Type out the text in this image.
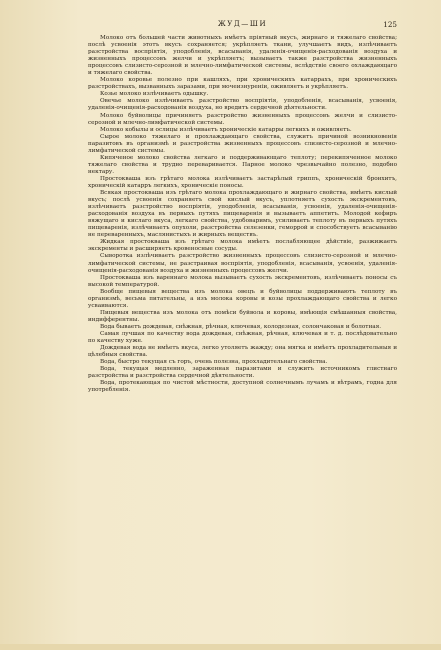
ЖУД—ШИ	125

Молоко отъ большей части животныхъ имѣетъ пріятный вкусъ, жирнаго и тяжелаго свойства; послѣ усвоенія этотъ вкусъ сохраняется; укрѣпляетъ ткани, улучшаетъ видъ, излѣчиваетъ разстройства воспріятія, уподобленія, всасыванія, удаленія-очищенія-расходованія воздуха и жизненныхъ процессовъ желчи и укрѣпляетъ; вызываетъ также разстройства жизненныхъ процессовъ слизисто-серозной и млечно-лимфатической системы, вслѣдствіе своего охлаждающаго и тяжелаго свойства.

Молоко коровье полезно при кашляхъ, при хроническихъ катаррахъ, при хроническихъ разстройствахъ, вызванныхъ заразами, при мочеизнуреніи, оживляетъ и укрѣпляетъ.

Козье молоко излѣчиваетъ одышку.

Овечье молоко излѣчиваетъ разстройство воспріятія, уподобленія, всасыванія, усвоенія, удаленія-очищенія-расходованія воздуха, но вредитъ сердечной дѣятельности.

Молоко буйволицы причиняетъ разстройство жизненныхъ процессовъ желчи и слизисто-серозной и млечно-лимфатической системы.

Молоко кобылы и ослицы излѣчиваетъ хроническіе катарры легкихъ и оживляетъ.

Сырое молоко тяжелаго и прохлаждающаго свойства, служитъ причиной возникновенія паразитовъ въ организмѣ и разстройства жизненныхъ процессовъ слизисто-серозной и млечно-лимфатической системы.

Кипяченое молоко свойства легкаго и поддерживающаго теплоту; перекипяченное молоко тяжелаго свойства и трудно переваривается. Парное молоко чрезвычайно полезно, подобно нектару.

Простокваша изъ грѣтаго молока излѣчиваетъ застарѣлый гриппъ, хроническій бронхитъ, хроническій катарръ легкихъ, хроническіе поносы.

Всякая простокваша изъ грѣтаго молока прохлаждающаго и жирнаго свойства, имѣетъ кислый вкусъ; послѣ усвоенія сохраняетъ свой кислый вкусъ, уплотняетъ сухость экскрементовъ, излѣчиваетъ разстройство воспріятія, уподобленія, всасыванія, усвоенія, удаленія-очищенія-расходованія воздуха въ первыхъ путяхъ пищеваренія и вызываетъ аппетитъ. Молодой кефиръ вяжущаго и кислаго вкуса, легкаго свойства, удобоваримъ, усиливаетъ теплоту въ первыхъ путяхъ пищеваренія, излѣчиваетъ опухоли, разстройства селезенки, геморрой и способствуетъ всасыванію не переваренныхъ, маслянистыхъ и жирныхъ веществъ.

Жидкая простокваша изъ грѣтаго молока имѣетъ послабляющее дѣйствіе, разжижаетъ экскременты и расширяетъ кровеносные сосуды.

Сыворотка излѣчиваетъ разстройство жизненныхъ процессовъ слизисто-серозной и млечно-лимфатической системы, не разстраивая воспріятія, уподобленія, всасыванія, усвоенія, удаленія-очищенія-расходованія воздуха и жизненныхъ процессовъ желчи.

Простокваша изъ вареннаго молока вызываетъ сухость экскрементовъ, излѣчиваетъ поносы съ высокой температурой.

Вообще пищевыя вещества изъ молока овецъ и буйволицы поддерживаютъ теплоту въ организмѣ, весьма питательны, а изъ молока коровы и козы прохлаждающаго свойства и легко усваиваются.

Пищевыя вещества изъ молока отъ помѣси буйвола и коровы, имѣющія смѣшанныя свойства, индифферентны.

Вода бываетъ дождевая, снѣжная, рѣчная, ключевая, колодезная, солончаковая и болотная.

Самая лучшая по качеству вода дождевая, снѣжная, рѣчная, ключевая и т. д. послѣдовательно по качеству хуже.

Дождевая вода не имѣетъ вкуса, легко утоляетъ жажду; она мягка и имѣетъ прохладительныя и цѣлебныя свойства.

Вода, быстро текущая съ горъ, очень полезна, прохладительнаго свойства.

Вода, текущая медленно, зараженная паразитами и служитъ источникомъ глистнаго разстройства и разстройства сердечной дѣятельности.

Вода, протекающая по чистой мѣстности, доступной солнечнымъ лучамъ и вѣтрамъ, годна для употребленія.
